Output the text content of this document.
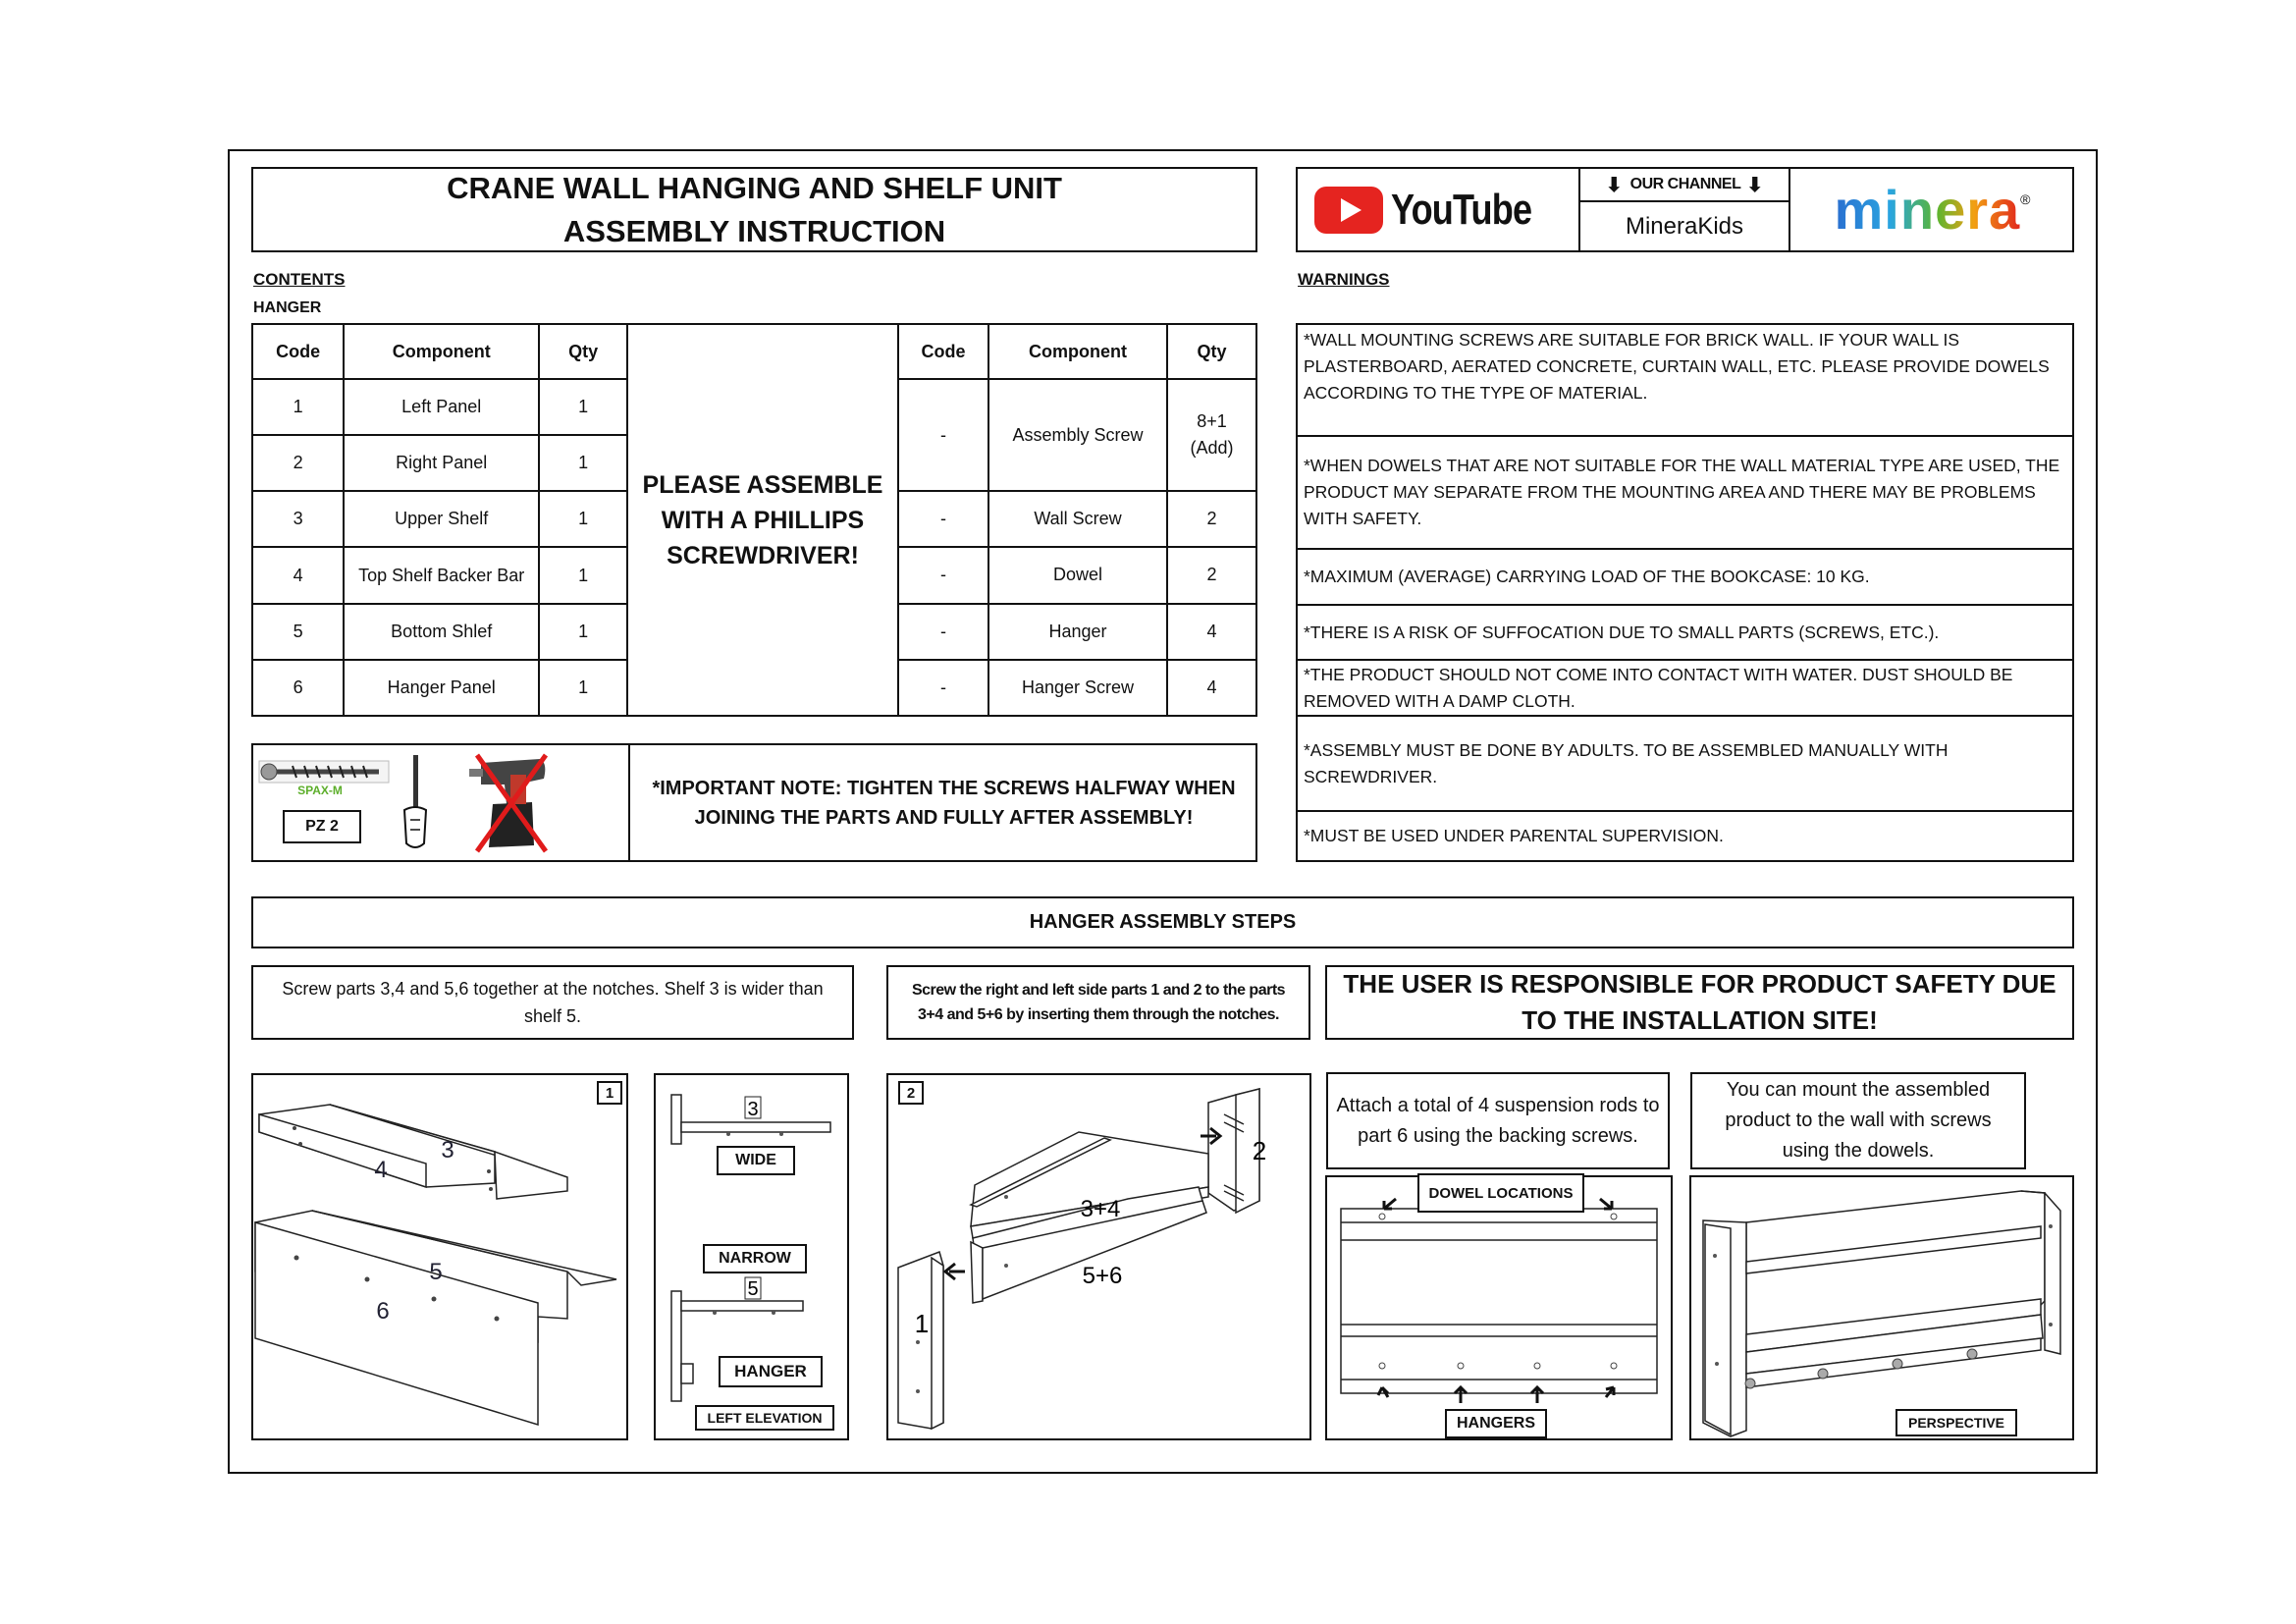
CRANE WALL HANGING AND SHELF UNIT
ASSEMBLY INSTRUCTION	YouTube	⬇ OUR CHANNEL ⬇
MineraKids	minera ®
CONTENTS
HANGER
Code	Component	Qty
1	Left Panel	1
2	Right Panel	1
3	Upper Shelf	1
4	Top Shelf Backer Bar	1
5	Bottom Shlef	1
6	Hanger Panel	1
PLEASE ASSEMBLE WITH A PHILLIPS SCREWDRIVER!
Code	Component	Qty
-	Assembly Screw	8+1
(Add)
-	Wall Screw	2
-	Dowel	2
-	Hanger	4
-	Hanger Screw	4
SPAX-M
PZ 2
*IMPORTANT NOTE: TIGHTEN THE SCREWS HALFWAY WHEN JOINING THE PARTS AND FULLY AFTER ASSEMBLY!
WARNINGS
*WALL MOUNTING SCREWS ARE SUITABLE FOR BRICK WALL. IF YOUR WALL IS PLASTERBOARD, AERATED CONCRETE, CURTAIN WALL, ETC. PLEASE PROVIDE DOWELS ACCORDING TO THE TYPE OF MATERIAL.
*WHEN DOWELS THAT ARE NOT SUITABLE FOR THE WALL MATERIAL TYPE ARE USED, THE PRODUCT MAY SEPARATE FROM THE MOUNTING AREA AND THERE MAY BE PROBLEMS WITH SAFETY.
*MAXIMUM (AVERAGE) CARRYING LOAD OF THE BOOKCASE: 10 KG.
*THERE IS A RISK OF SUFFOCATION DUE TO SMALL PARTS (SCREWS, ETC.).
*THE PRODUCT SHOULD NOT COME INTO CONTACT WITH WATER. DUST SHOULD BE REMOVED WITH A DAMP CLOTH.
*ASSEMBLY MUST BE DONE BY ADULTS. TO BE ASSEMBLED MANUALLY WITH SCREWDRIVER.
*MUST BE USED UNDER PARENTAL SUPERVISION.
HANGER ASSEMBLY STEPS
Screw parts 3,4 and 5,6 together at the notches. Shelf 3 is wider than shelf 5.
Screw the right and left side parts 1 and 2 to the parts 3+4 and 5+6 by inserting them through the notches.
THE USER IS RESPONSIBLE FOR PRODUCT SAFETY DUE TO THE INSTALLATION SITE!
Attach a total of 4 suspension rods to part 6 using the backing screws.
You can mount the assembled product to the wall with screws using the dowels.
3
4
5
6
1
3
5
WIDE
NARROW
HANGER
LEFT ELEVATION
2
1
3+4
5+6
2
DOWEL LOCATIONS
HANGERS	PERSPECTIVE
